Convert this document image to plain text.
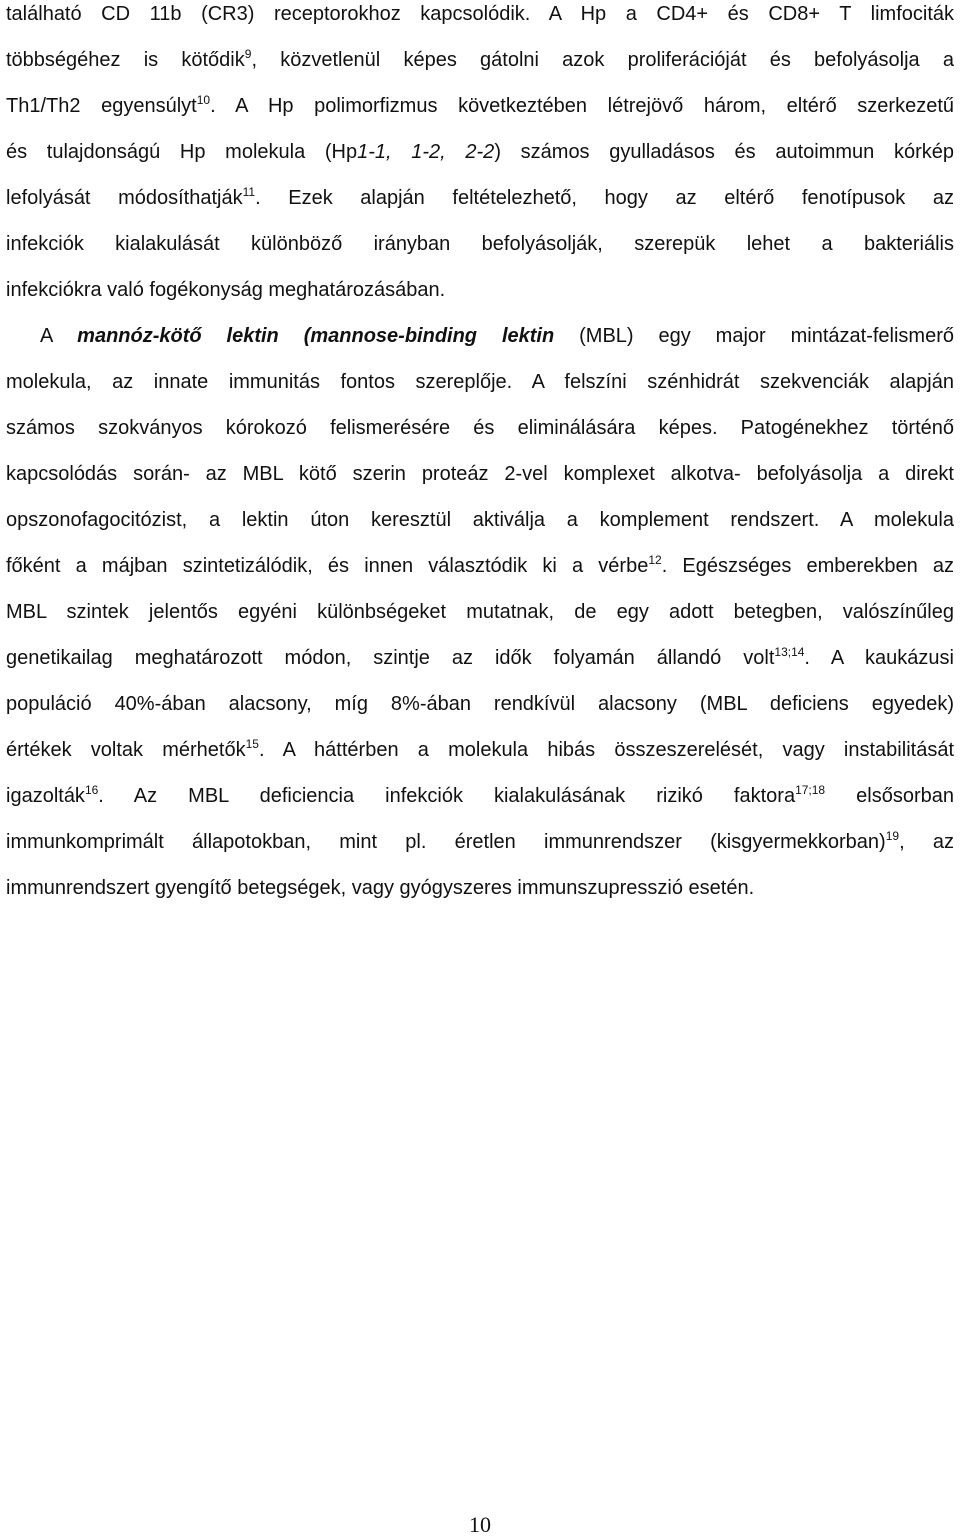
található CD 11b (CR3) receptorokhoz kapcsolódik. A Hp a CD4+ és CD8+ T limfociták
többségéhez is kötődik$^9$, közvetlenül képes gátolni azok proliferációját és befolyásolja a
Th1/Th2 egyensúlyt$^{10}$. A Hp polimorfizmus következtében létrejövő három, eltérő szerkezetű
és tulajdonságú Hp molekula (Hp1-1, 1-2, 2-2) számos gyulladásos és autoimmun kórkép
lefolyását módosíthatják$^{11}$. Ezek alapján feltételezhető, hogy az eltérő fenotípusok az
infekciók kialakulását különböző irányban befolyásolják, szerepük lehet a bakteriális
infekciókra való fogékonyság meghatározásában.
A mannóz-kötő lektin (mannose-binding lektin (MBL) egy major mintázat-felismerő
molekula, az innate immunitás fontos szereplője. A felszíni szénhidrát szekvenciák alapján
számos szokványos kórokozó felismerésére és eliminálására képes. Patogénekhez történő
kapcsolódás során- az MBL kötő szerin proteáz 2-vel komplexet alkotva- befolyásolja a direkt
opszonofagocitózist, a lektin úton keresztül aktiválja a komplement rendszert. A molekula
főként a májban szintetizálódik, és innen választódik ki a vérbe$^{12}$. Egészséges emberekben az
MBL szintek jelentős egyéni különbségeket mutatnak, de egy adott betegben, valószínűleg
genetikailag meghatározott módon, szintje az idők folyamán állandó volt$^{13;14}$. A kaukázusi
populáció 40%-ában alacsony, míg 8%-ában rendkívül alacsony (MBL deficiens egyedek)
értékek voltak mérhetők$^{15}$. A háttérben a molekula hibás összeszerelését, vagy instabilitását
igazolták$^{16}$. Az MBL deficiencia infekciók kialakulásának rizikó faktora$^{17;18}$ elsősorban
immunkomprimált állapotokban, mint pl. éretlen immunrendszer (kisgyermekkorban)$^{19}$, az
immunrendszert gyengítő betegségek, vagy gyógyszeres immunszupresszió esetén.
10
